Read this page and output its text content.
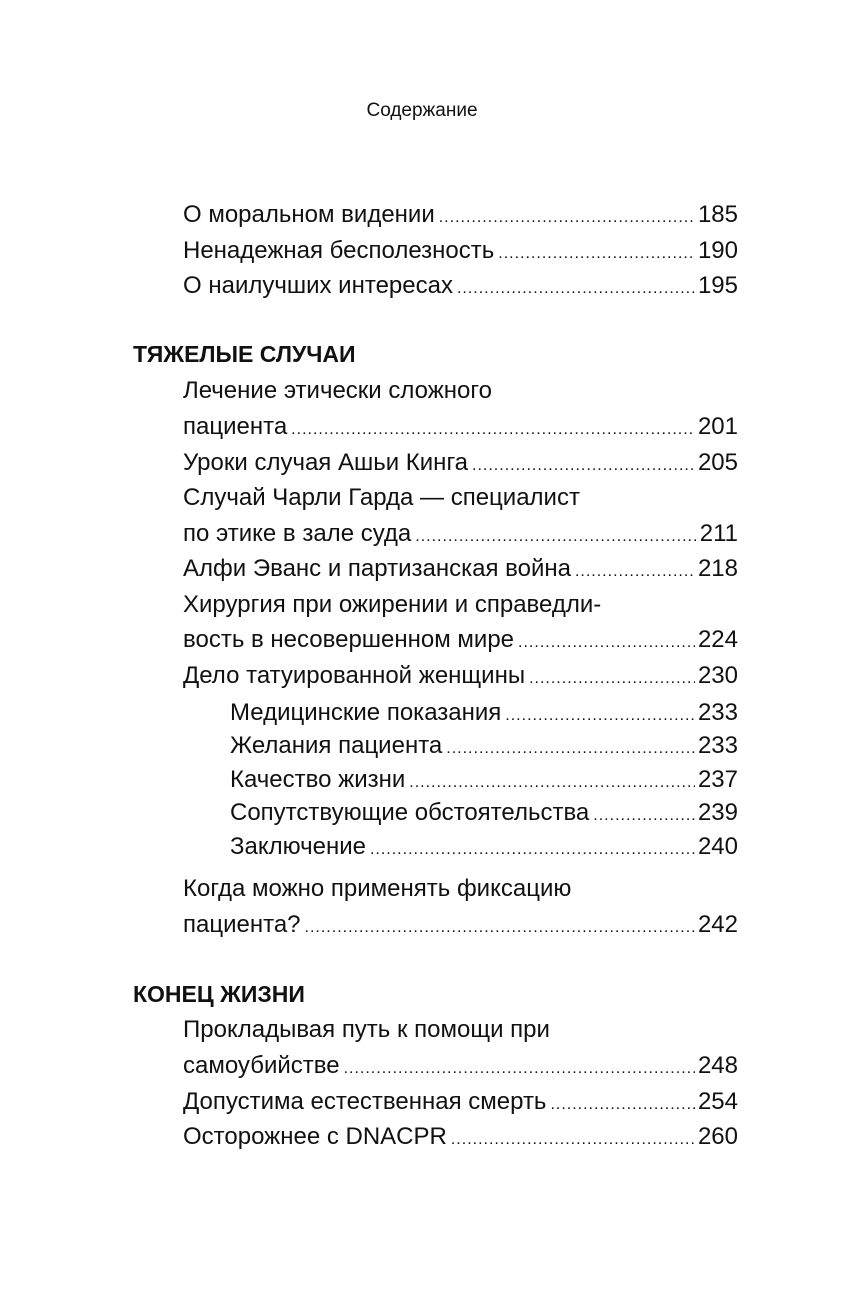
Содержание
О моральном видении .....	185
Ненадежная бесполезность .....	190
О наилучших интересах .....	195
ТЯЖЕЛЫЕ СЛУЧАИ
Лечение этически сложного
пациента .....	201
Уроки случая Ашьи Кинга .....	205
Случай Чарли Гарда — специалист
по этике в зале суда .....	211
Алфи Эванс и партизанская война .....	218
Хирургия при ожирении и справедли-
вость в несовершенном мире .....	224
Дело татуированной женщины .....	230
Медицинские показания .....	233
Желания пациента .....	233
Качество жизни .....	237
Сопутствующие обстоятельства .....	239
Заключение .....	240
Когда можно применять фиксацию
пациента? .....	242
КОНЕЦ ЖИЗНИ
Прокладывая путь к помощи при
самоубийстве .....	248
Допустима естественная смерть .....	254
Осторожнее с DNACPR .....	260
